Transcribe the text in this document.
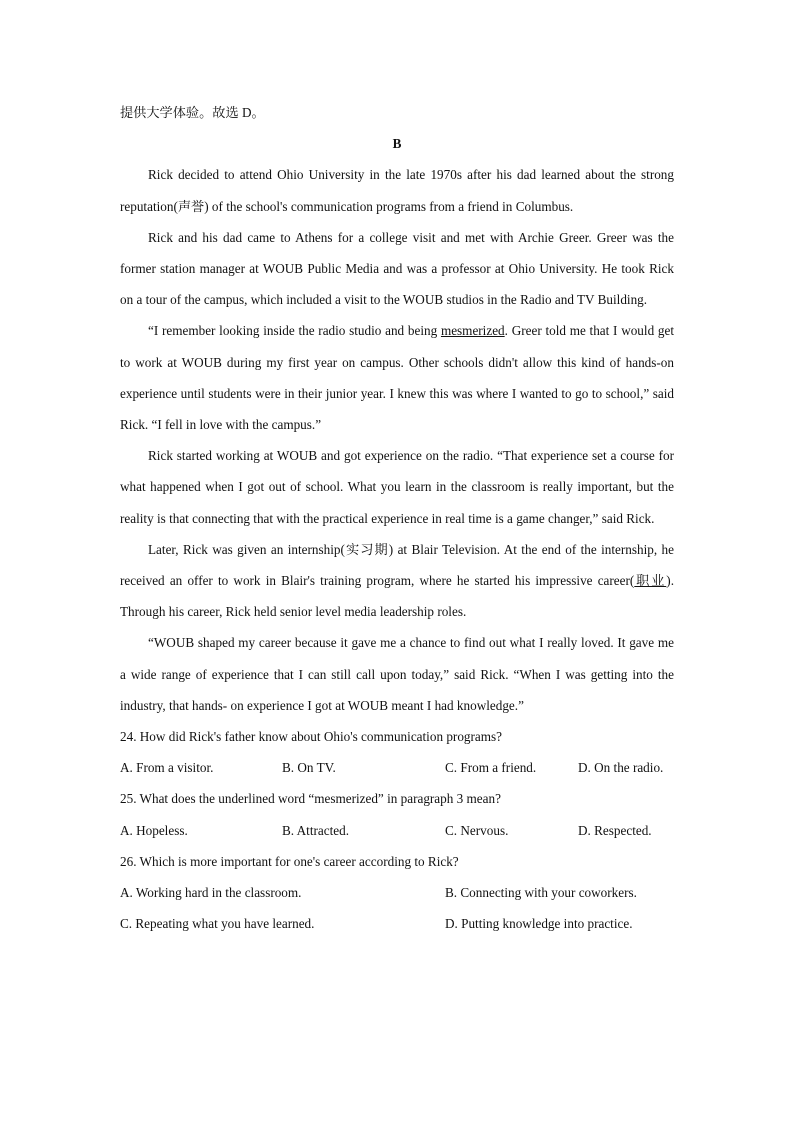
提供大学体验。故选 D。

B

Rick decided to attend Ohio University in the late 1970s after his dad learned about the strong reputation(声誉) of the school's communication programs from a friend in Columbus.

Rick and his dad came to Athens for a college visit and met with Archie Greer. Greer was the former station manager at WOUB Public Media and was a professor at Ohio University. He took Rick on a tour of the campus, which included a visit to the WOUB studios in the Radio and TV Building.

“I remember looking inside the radio studio and being mesmerized. Greer told me that I would get to work at WOUB during my first year on campus. Other schools didn't allow this kind of hands-on experience until students were in their junior year. I knew this was where I wanted to go to school,” said Rick. “I fell in love with the campus.”

Rick started working at WOUB and got experience on the radio. “That experience set a course for what happened when I got out of school. What you learn in the classroom is really important, but the reality is that connecting that with the practical experience in real time is a game changer,” said Rick.

Later, Rick was given an internship(实习期) at Blair Television. At the end of the internship, he received an offer to work in Blair's training program, where he started his impressive career(职业). Through his career, Rick held senior level media leadership roles.

“WOUB shaped my career because it gave me a chance to find out what I really loved. It gave me a wide range of experience that I can still call upon today,” said Rick. “When I was getting into the industry, that hands- on experience I got at WOUB meant I had knowledge.”

24. How did Rick's father know about Ohio's communication programs?

A. From a visitor.	B. On TV.	C. From a friend.	D. On the radio.

25. What does the underlined word “mesmerized” in paragraph 3 mean?

A. Hopeless.	B. Attracted.	C. Nervous.	D. Respected.

26. Which is more important for one's career according to Rick?

A. Working hard in the classroom.	B. Connecting with your coworkers.
C. Repeating what you have learned.	D. Putting knowledge into practice.
